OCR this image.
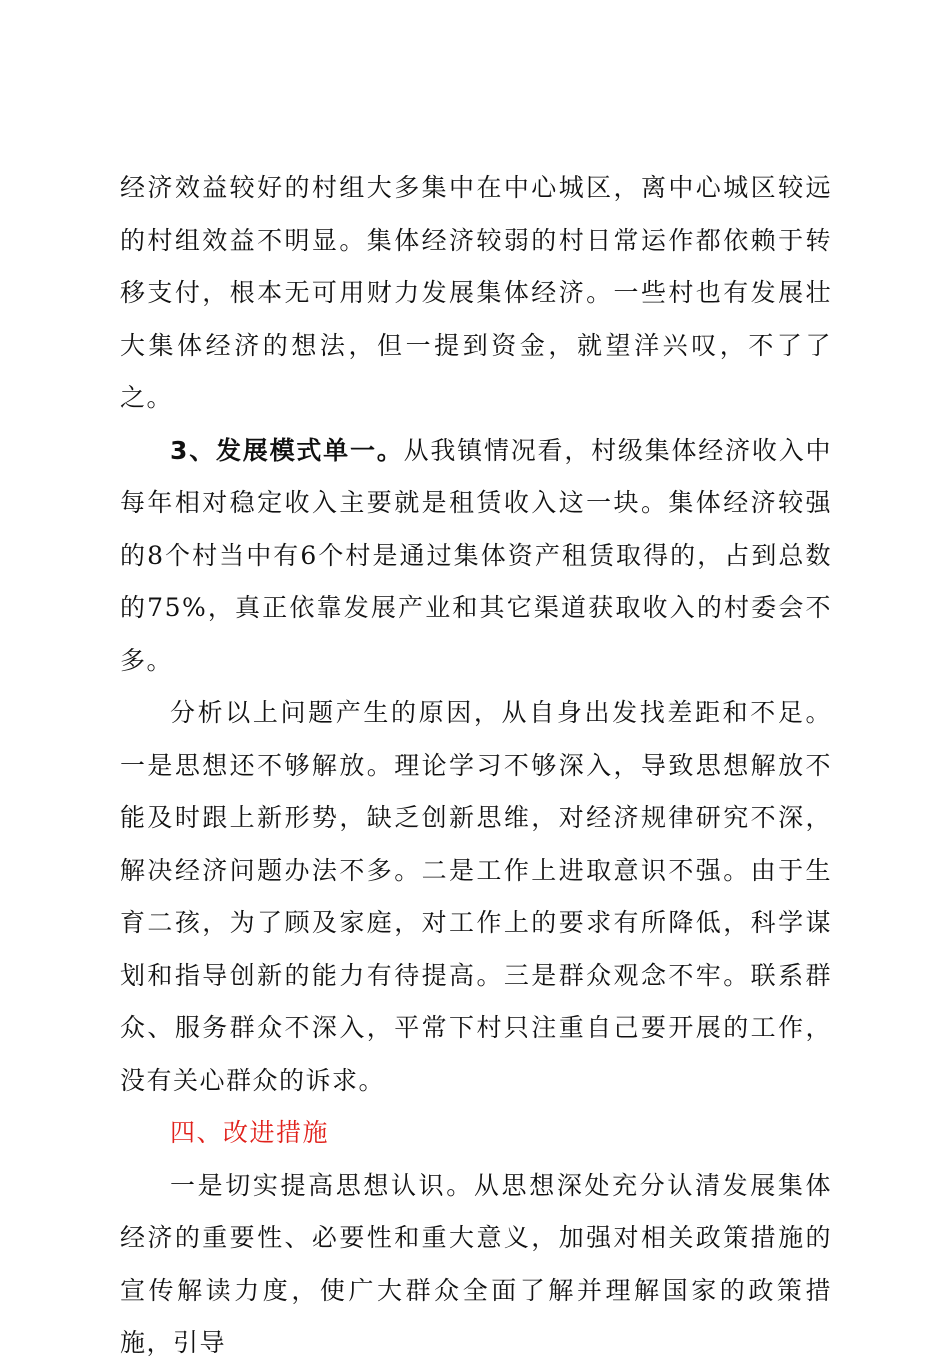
经济效益较好的村组大多集中在中心城区，离中心城区较远的村组效益不明显。集体经济较弱的村日常运作都依赖于转移支付，根本无可用财力发展集体经济。一些村也有发展壮大集体经济的想法，但一提到资金，就望洋兴叹，不了了之。

3、发展模式单一。从我镇情况看，村级集体经济收入中每年相对稳定收入主要就是租赁收入这一块。集体经济较强的8个村当中有6个村是通过集体资产租赁取得的，占到总数的75%，真正依靠发展产业和其它渠道获取收入的村委会不多。

分析以上问题产生的原因，从自身出发找差距和不足。一是思想还不够解放。理论学习不够深入，导致思想解放不能及时跟上新形势，缺乏创新思维，对经济规律研究不深，解决经济问题办法不多。二是工作上进取意识不强。由于生育二孩，为了顾及家庭，对工作上的要求有所降低，科学谋划和指导创新的能力有待提高。三是群众观念不牢。联系群众、服务群众不深入，平常下村只注重自己要开展的工作，没有关心群众的诉求。

四、改进措施

一是切实提高思想认识。从思想深处充分认清发展集体经济的重要性、必要性和重大意义，加强对相关政策措施的宣传解读力度，使广大群众全面了解并理解国家的政策措施，引导
